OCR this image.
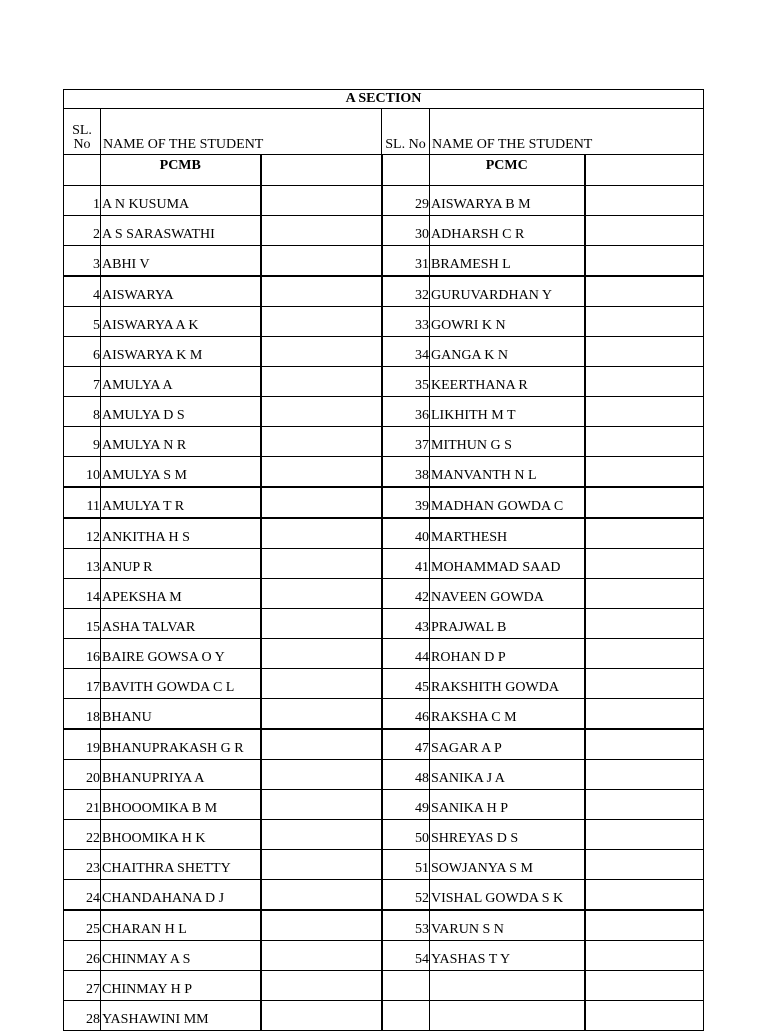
A SECTION					
SL. No	NAME OF THE STUDENT		SL. No	NAME OF THE STUDENT	
	PCMB			PCMC	
1	A N KUSUMA		29	AISWARYA B M	
2	A S SARASWATHI		30	ADHARSH C R	
3	ABHI V		31	BRAMESH L	
4	AISWARYA		32	GURUVARDHAN Y	
5	AISWARYA A K		33	GOWRI K N	
6	AISWARYA K M		34	GANGA K N	
7	AMULYA A		35	KEERTHANA R	
8	AMULYA D S		36	LIKHITH M T	
9	AMULYA N R		37	MITHUN G S	
10	AMULYA S M		38	MANVANTH N L	
11	AMULYA T R		39	MADHAN GOWDA C	
12	ANKITHA H S		40	MARTHESH	
13	ANUP R		41	MOHAMMAD SAAD	
14	APEKSHA M		42	NAVEEN GOWDA	
15	ASHA TALVAR		43	PRAJWAL B	
16	BAIRE GOWSA O Y		44	ROHAN D P	
17	BAVITH GOWDA C L		45	RAKSHITH GOWDA	
18	BHANU		46	RAKSHA C M	
19	BHANUPRAKASH G R		47	SAGAR A P	
20	BHANUPRIYA A		48	SANIKA J A	
21	BHOOOMIKA B M		49	SANIKA H P	
22	BHOOMIKA H K		50	SHREYAS D S	
23	CHAITHRA SHETTY		51	SOWJANYA S M	
24	CHANDAHANA D J		52	VISHAL GOWDA S K	
25	CHARAN H L		53	VARUN S N	
26	CHINMAY A S		54	YASHAS T Y	
27	CHINMAY H P				
28	YASHAWINI MM				
